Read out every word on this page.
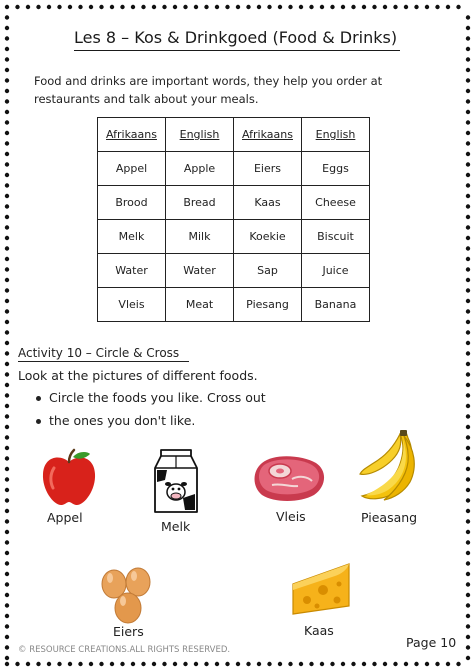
Les 8 – Kos & Drinkgoed (Food & Drinks)
Food and drinks are important words, they help you order at restaurants and talk about your meals.
Afrikaans	English	Afrikaans	English
Appel	Apple	Eiers	Eggs
Brood	Bread	Kaas	Cheese
Melk	Milk	Koekie	Biscuit
Water	Water	Sap	Juice
Vleis	Meat	Piesang	Banana
Activity 10 – Circle & Cross
Look at the pictures of different foods.
Circle the foods you like. Cross out
the ones you don't like.
Appel
Melk
Vleis	Pieasang
Eiers	Kaas
© RESOURCE CREATIONS.ALL RIGHTS RESERVED.	Page 10
